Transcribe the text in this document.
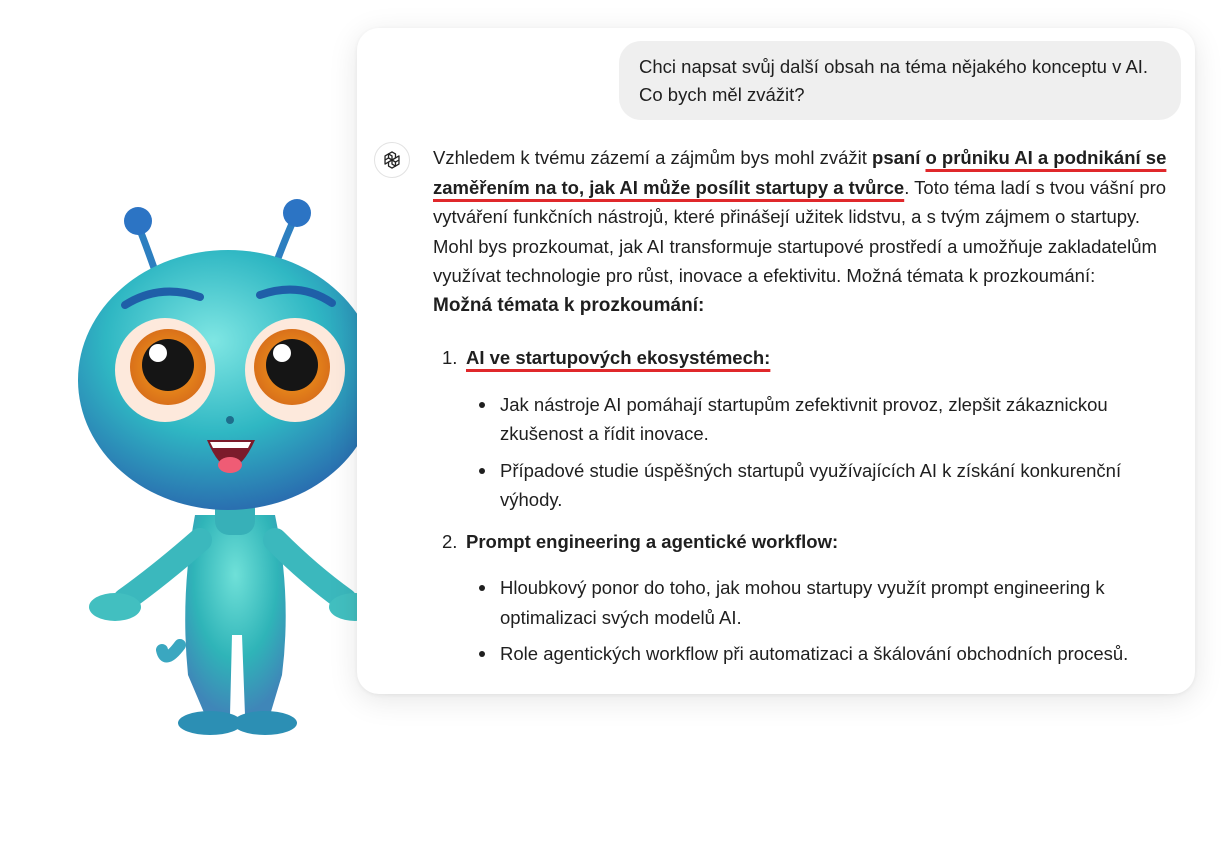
Chci napsat svůj další obsah na téma nějakého konceptu v AI. Co bych měl zvážit?

Vzhledem k tvému zázemí a zájmům bys mohl zvážit psaní o průniku AI a podnikání se zaměřením na to, jak AI může posílit startupy a tvůrce. Toto téma ladí s tvou vášní pro vytváření funkčních nástrojů, které přinášejí užitek lidstvu, a s tvým zájmem o startupy. Mohl bys prozkoumat, jak AI transformuje startupové prostředí a umožňuje zakladatelům využívat technologie pro růst, inovace a efektivitu. Možná témata k prozkoumání:

Možná témata k prozkoumání:

1. AI ve startupových ekosystémech:
Jak nástroje AI pomáhají startupům zefektivnit provoz, zlepšit zákaznickou zkušenost a řídit inovace.
Případové studie úspěšných startupů využívajících AI k získání konkurenční výhody.
2. Prompt engineering a agentické workflow:
Hloubkový ponor do toho, jak mohou startupy využít prompt engineering k optimalizaci svých modelů AI.
Role agentických workflow při automatizaci a škálování obchodních procesů.
